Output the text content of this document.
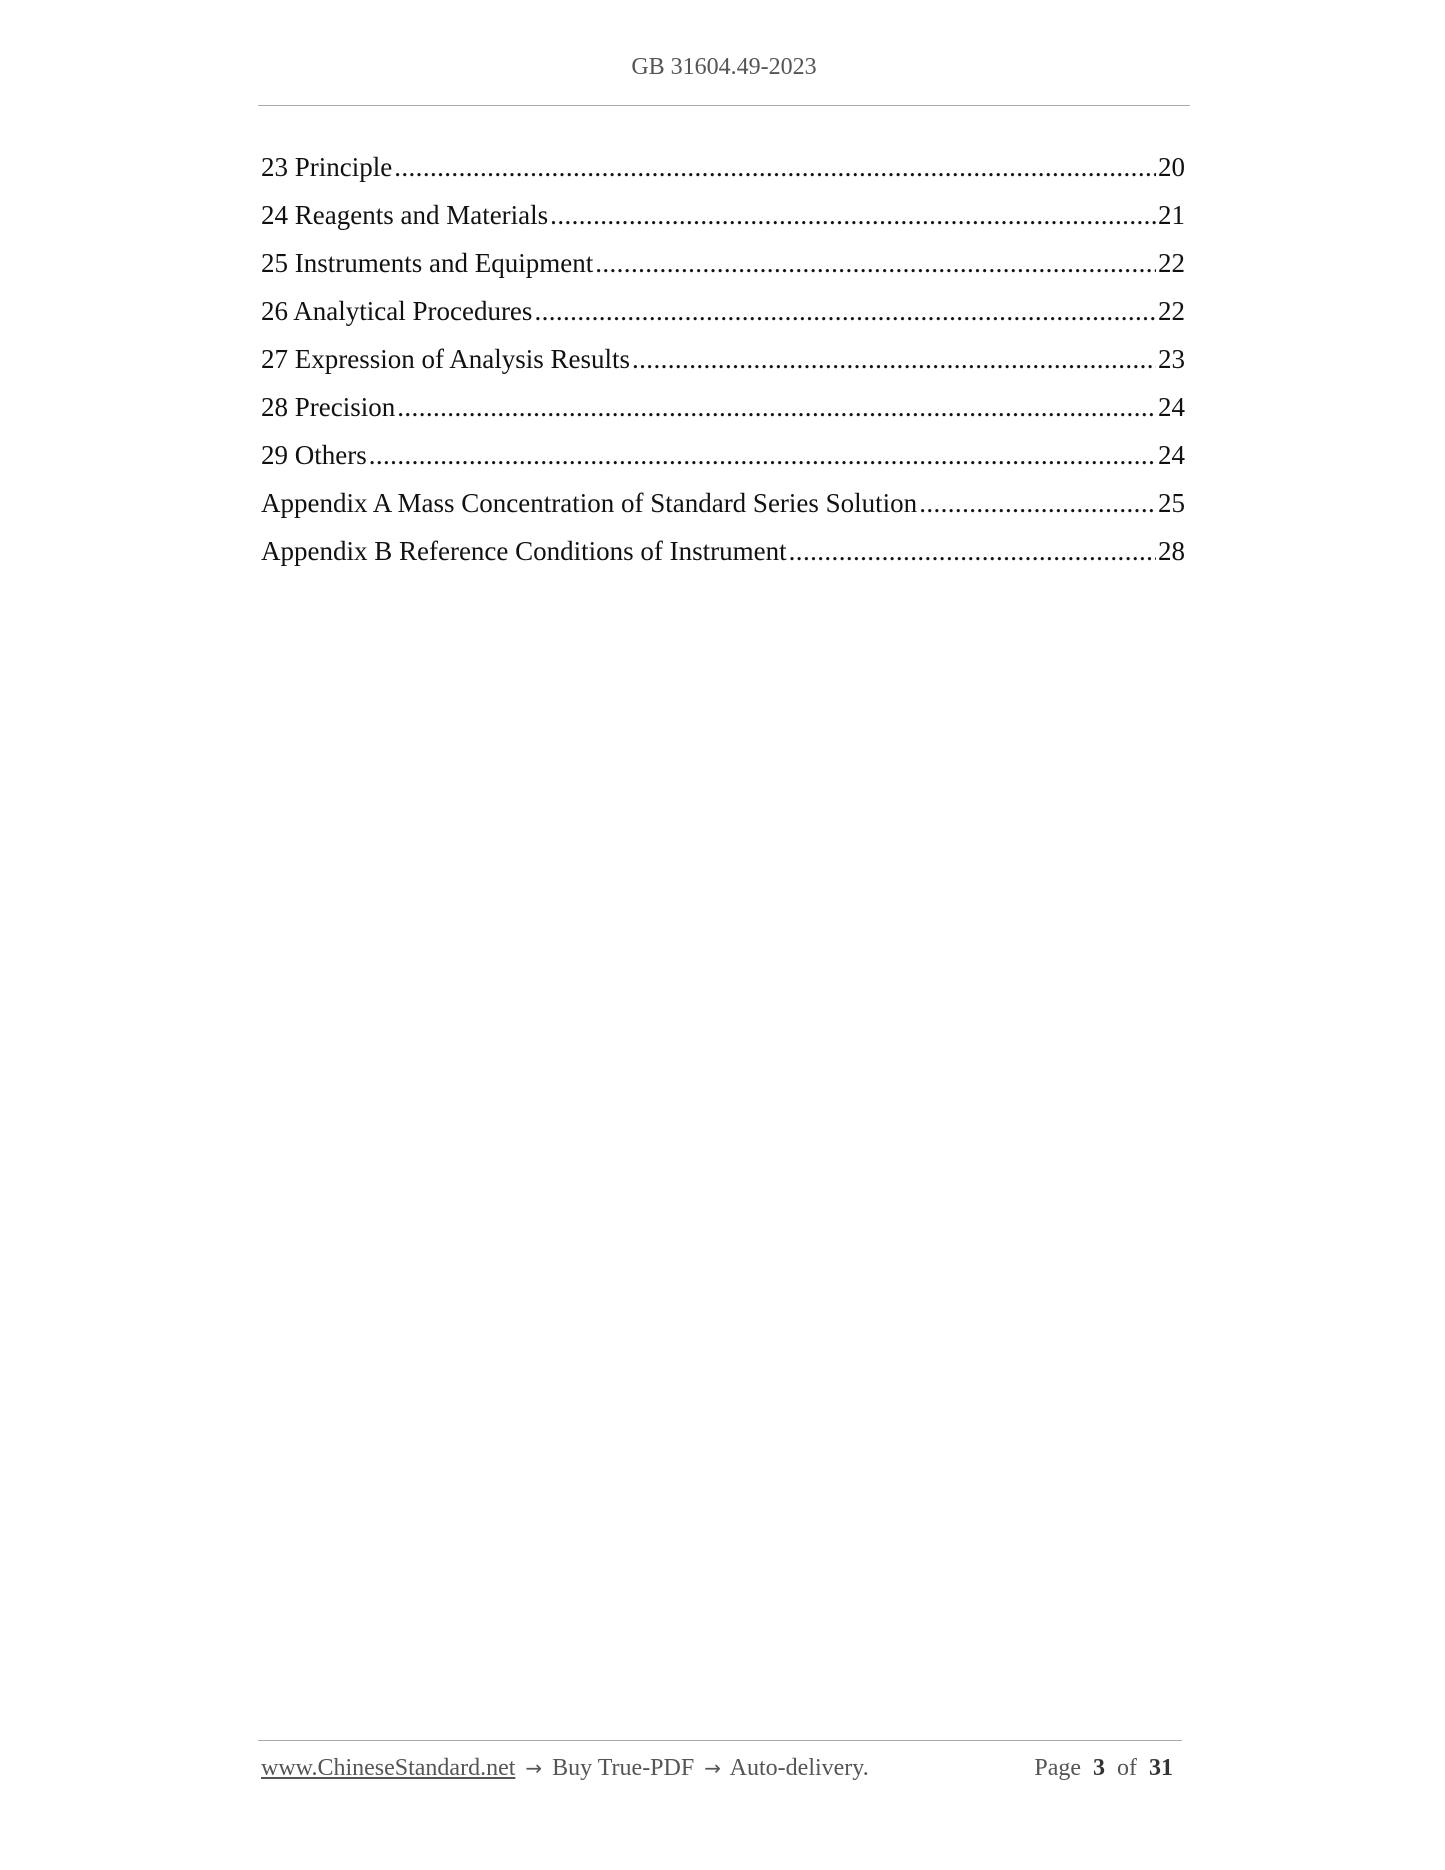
GB 31604.49-2023
23 Principle .....	20
24 Reagents and Materials .....	21
25 Instruments and Equipment .....	22
26 Analytical Procedures .....	22
27 Expression of Analysis Results .....	23
28 Precision .....	24
29 Others .....	24
Appendix A Mass Concentration of Standard Series Solution .....	25
Appendix B Reference Conditions of Instrument .....	28
www.ChineseStandard.net → Buy True-PDF → Auto-delivery.	Page 3 of 31
